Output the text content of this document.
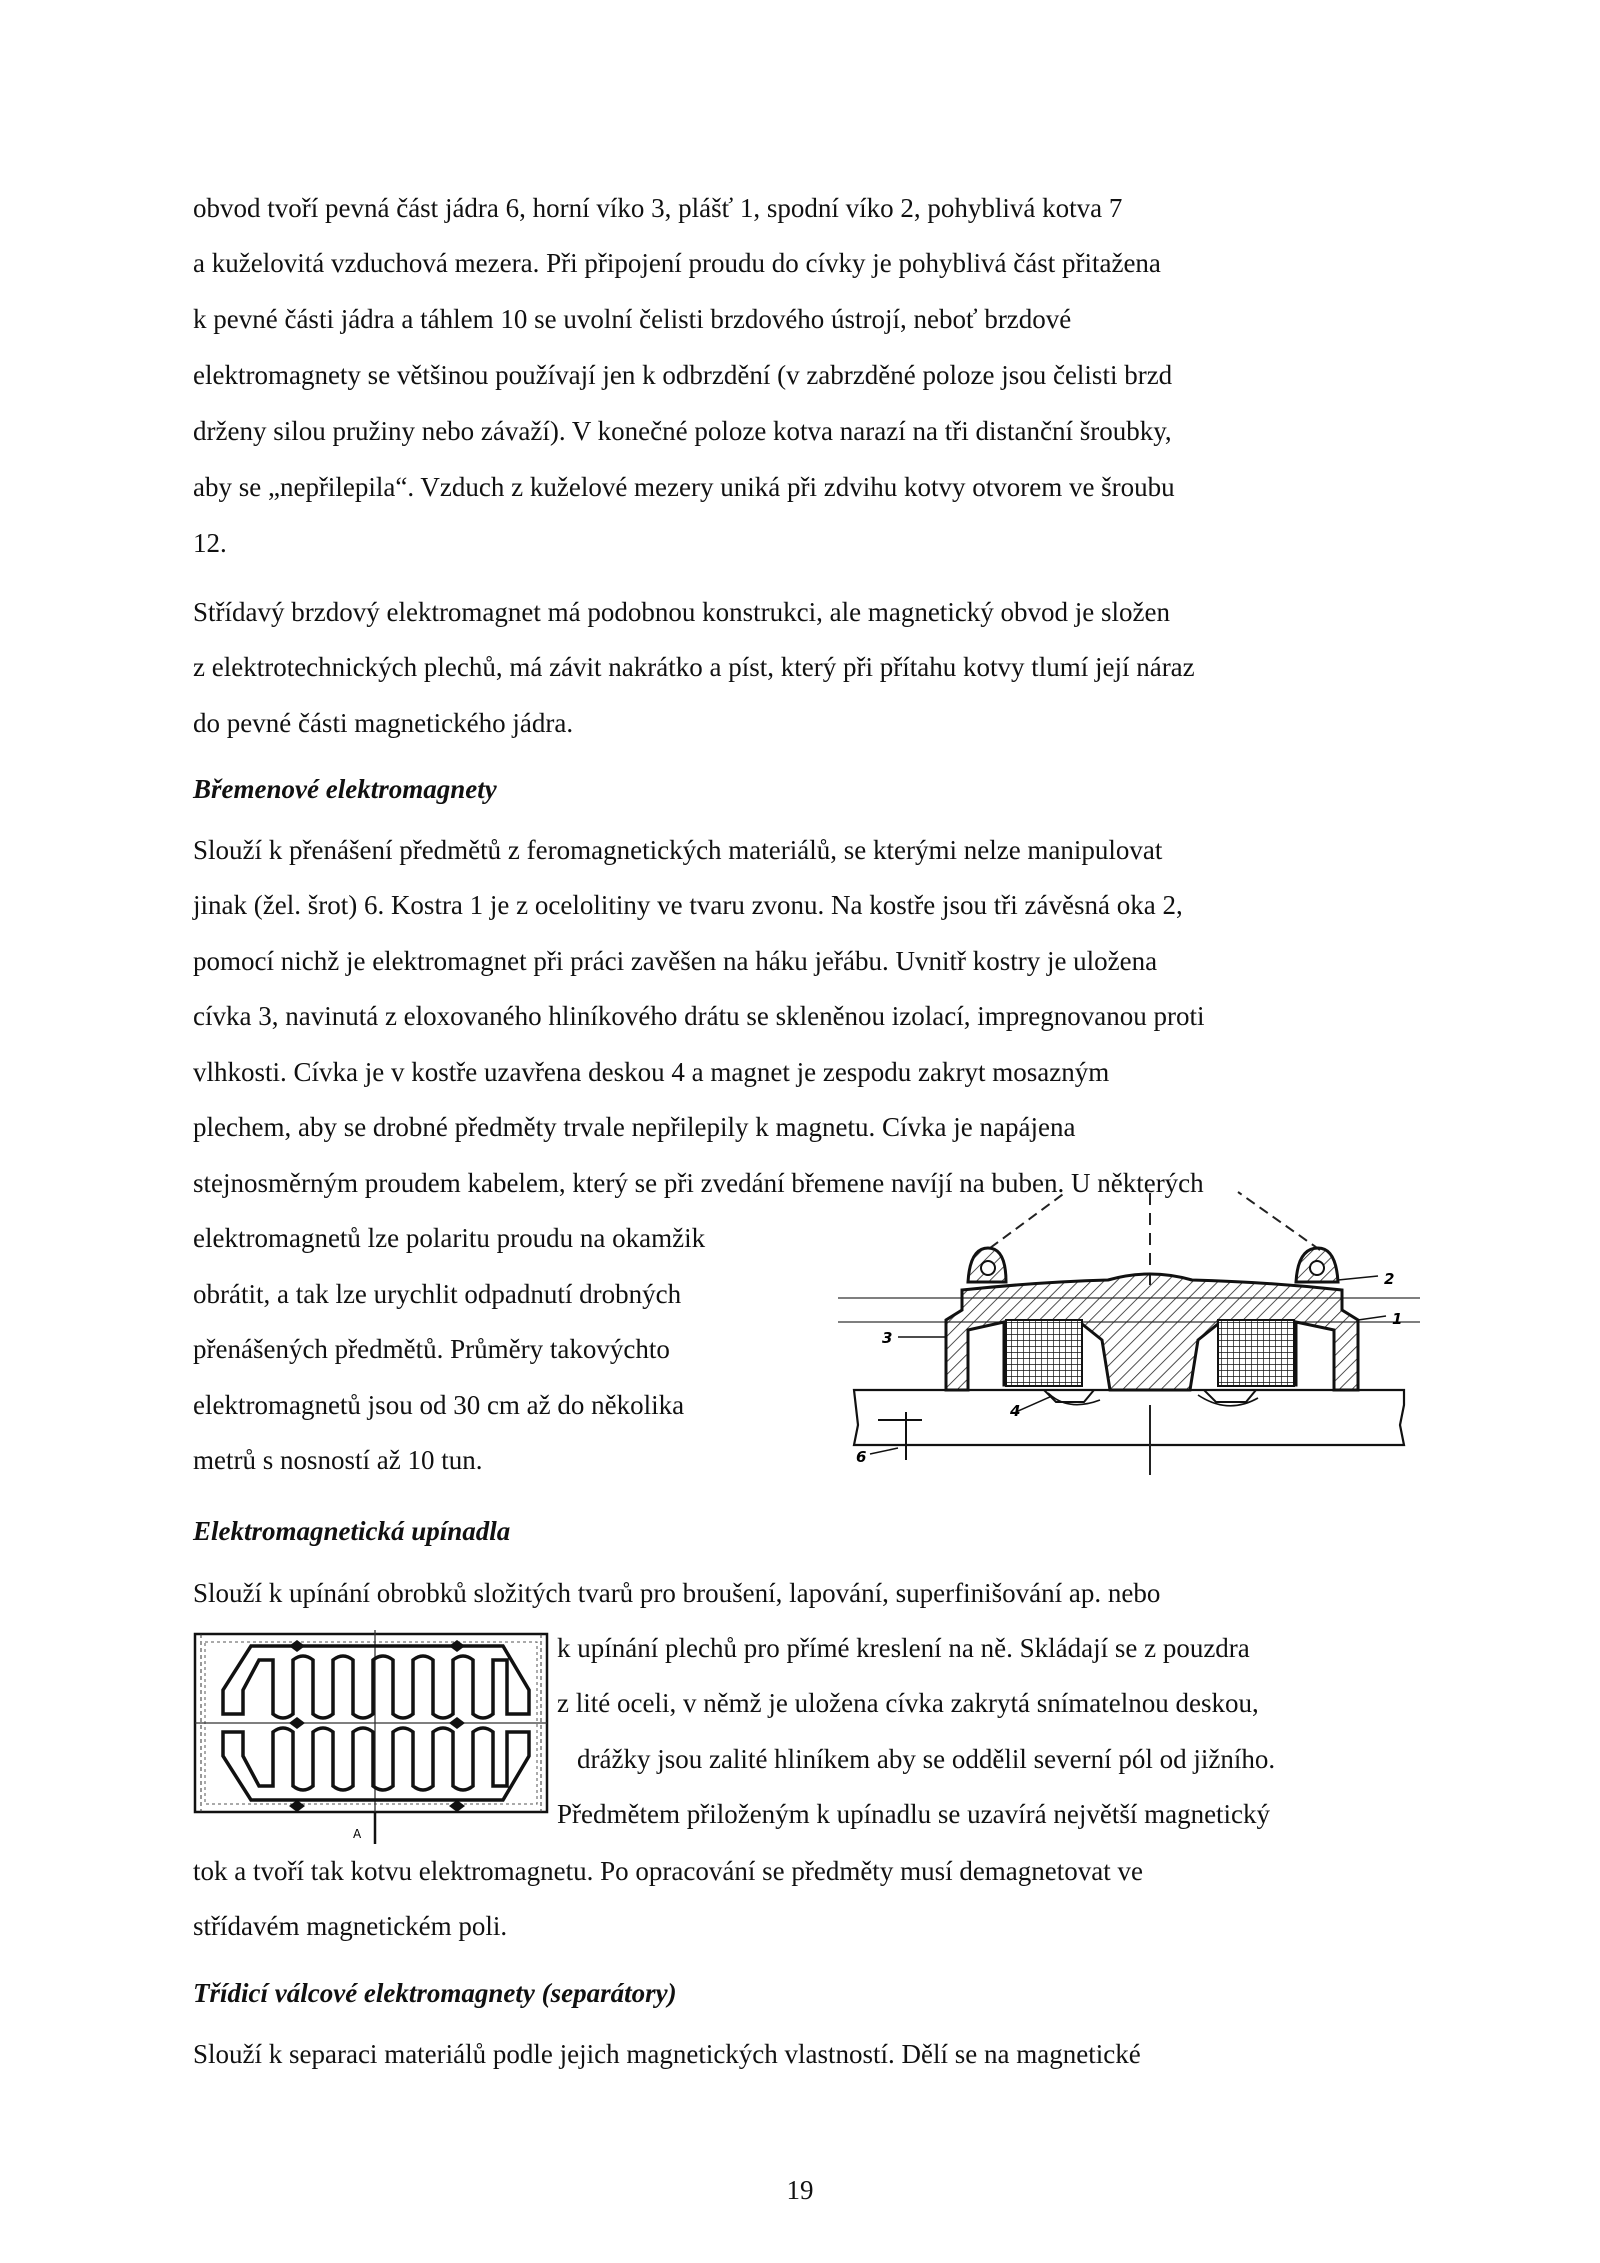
obvod tvoří pevná část jádra 6, horní víko 3, plášť 1, spodní víko 2, pohyblivá kotva 7
a kuželovitá vzduchová mezera. Při připojení proudu do cívky je pohyblivá část přitažena
k pevné části jádra a táhlem 10 se uvolní čelisti brzdového ústrojí, neboť brzdové
elektromagnety se většinou používají jen k odbrzdění (v zabrzděné poloze jsou čelisti brzd
drženy silou pružiny nebo závaží). V konečné poloze kotva narazí na tři distanční šroubky,
aby se „nepřilepila“. Vzduch z kuželové mezery uniká při zdvihu kotvy otvorem ve šroubu
12.
Střídavý brzdový elektromagnet má podobnou konstrukci, ale magnetický obvod je složen
z elektrotechnických plechů, má závit nakrátko a píst, který při přítahu kotvy tlumí její náraz
do pevné části magnetického jádra.
Břemenové elektromagnety
Slouží k přenášení předmětů z feromagnetických materiálů, se kterými nelze manipulovat
jinak (žel. šrot) 6. Kostra 1 je z ocelolitiny ve tvaru zvonu. Na kostře jsou tři závěsná oka 2,
pomocí nichž je elektromagnet při práci zavěšen na háku jeřábu. Uvnitř kostry je uložena
cívka 3, navinutá z eloxovaného hliníkového drátu se skleněnou izolací, impregnovanou proti
vlhkosti. Cívka je v kostře uzavřena deskou 4 a magnet je zespodu zakryt mosazným
plechem, aby se drobné předměty trvale nepřilepily k magnetu. Cívka je napájena
stejnosměrným proudem kabelem, který se při zvedání břemene navíjí na buben. U některých
elektromagnetů lze polaritu proudu na okamžik
obrátit, a tak lze urychlit odpadnutí drobných
přenášených předmětů. Průměry takovýchto
elektromagnetů jsou od 30 cm až do několika
metrů s nosností až 10 tun.
2
1
3
4
6
Elektromagnetická upínadla
Slouží k upínání obrobků složitých tvarů pro broušení, lapování, superfinišování ap. nebo
A
k upínání plechů pro přímé kreslení na ně. Skládají se z pouzdra
z lité oceli, v němž je uložena cívka zakrytá snímatelnou deskou,
drážky jsou zalité hliníkem aby se oddělil severní pól od jižního.
Předmětem přiloženým k upínadlu se uzavírá největší magnetický
tok a tvoří tak kotvu elektromagnetu. Po opracování se předměty musí demagnetovat ve
střídavém magnetickém poli.
Třídicí válcové elektromagnety (separátory)
Slouží k separaci materiálů podle jejich magnetických vlastností. Dělí se na magnetické
19
